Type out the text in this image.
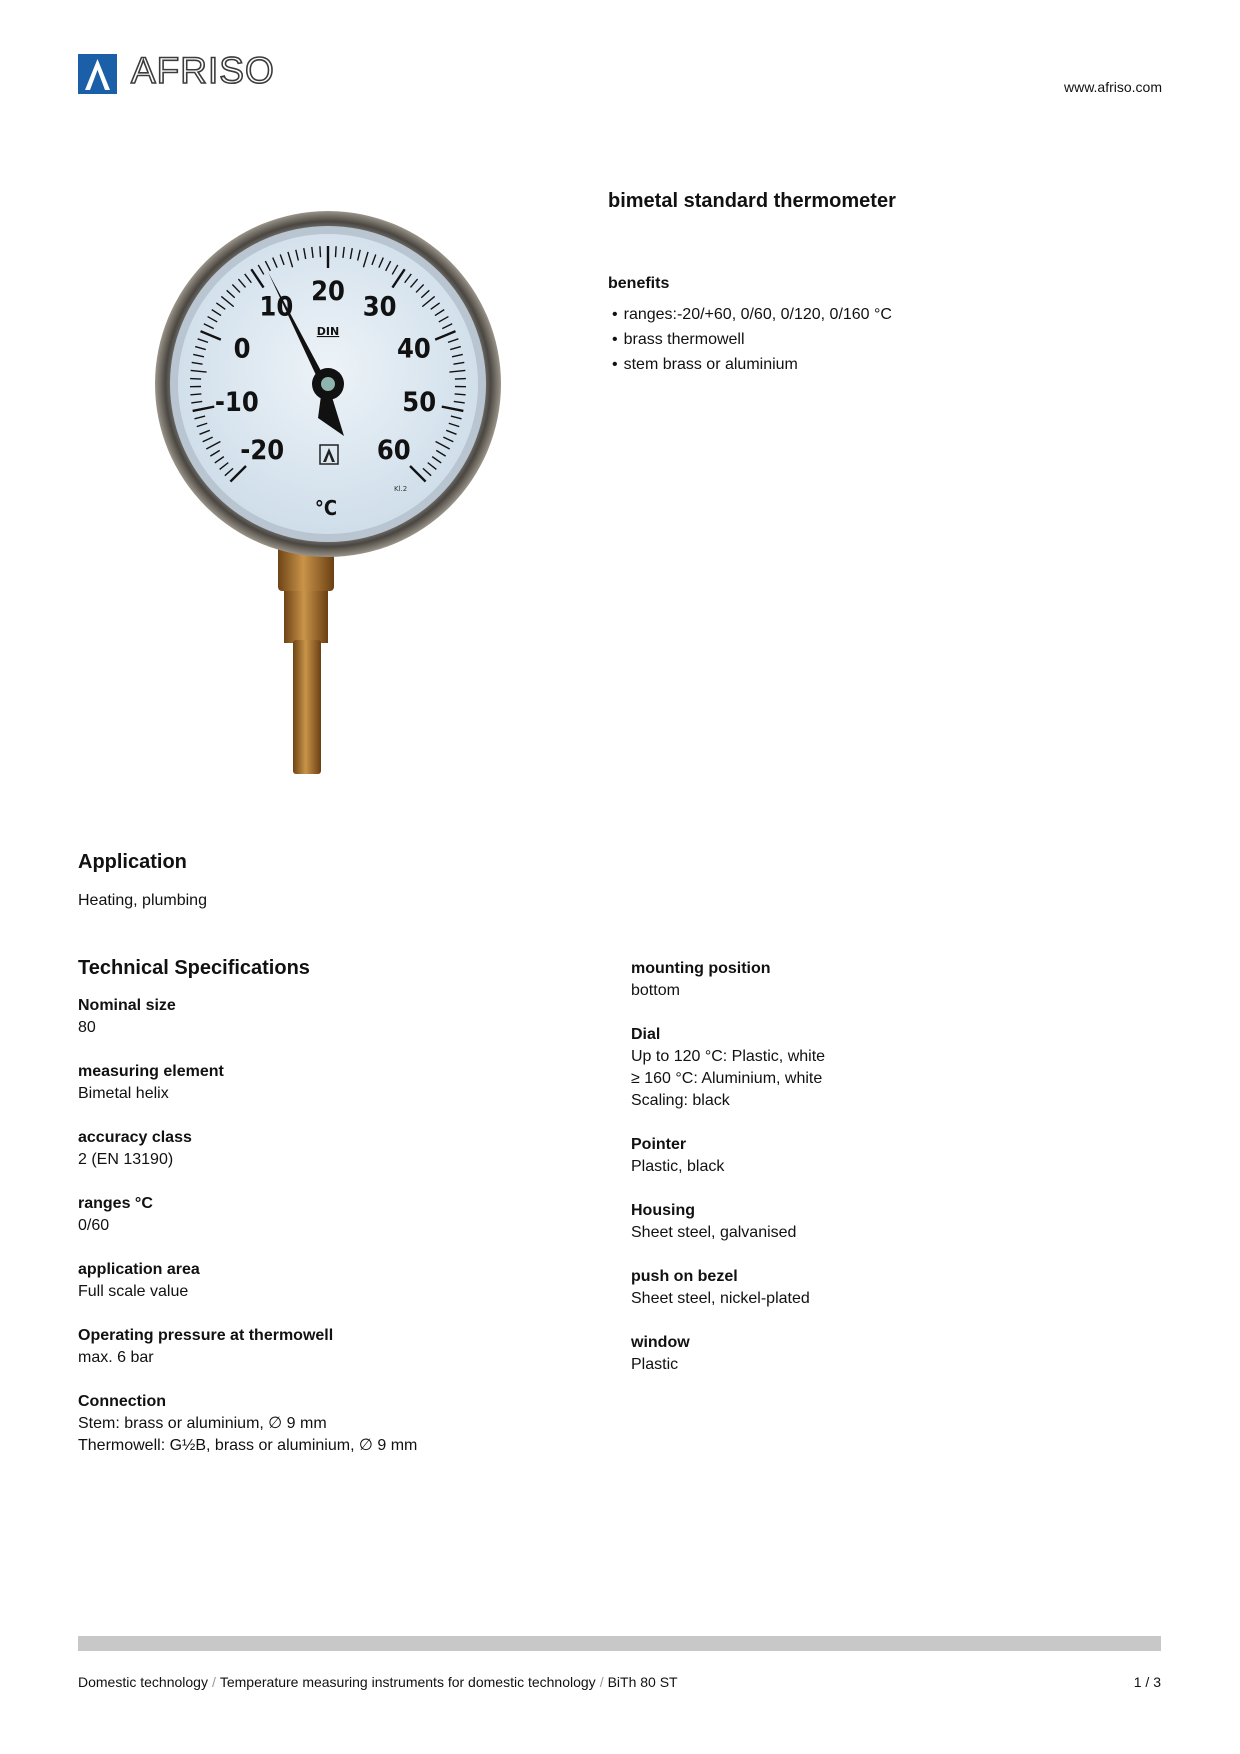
AFRISO	www.afriso.com
-20
-10
0
10
20
30
40
50
60
DIN
Kl.2
°C
bimetal standard thermometer
benefits
• ranges:-20/+60, 0/60, 0/120, 0/160 °C
• brass thermowell
• stem brass or aluminium
Application
Heating, plumbing
Technical Specifications
Nominal size
80
measuring element
Bimetal helix
accuracy class
2 (EN 13190)
ranges °C
0/60
application area
Full scale value
Operating pressure at thermowell
max. 6 bar
Connection
Stem: brass or aluminium, ∅ 9 mm
Thermowell: G½B, brass or aluminium, ∅ 9 mm
mounting position
bottom
Dial
Up to 120 °C: Plastic, white
≥ 160 °C: Aluminium, white
Scaling: black
Pointer
Plastic, black
Housing
Sheet steel, galvanised
push on bezel
Sheet steel, nickel-plated
window
Plastic
Domestic technology / Temperature measuring instruments for domestic technology / BiTh 80 ST	1 / 3
